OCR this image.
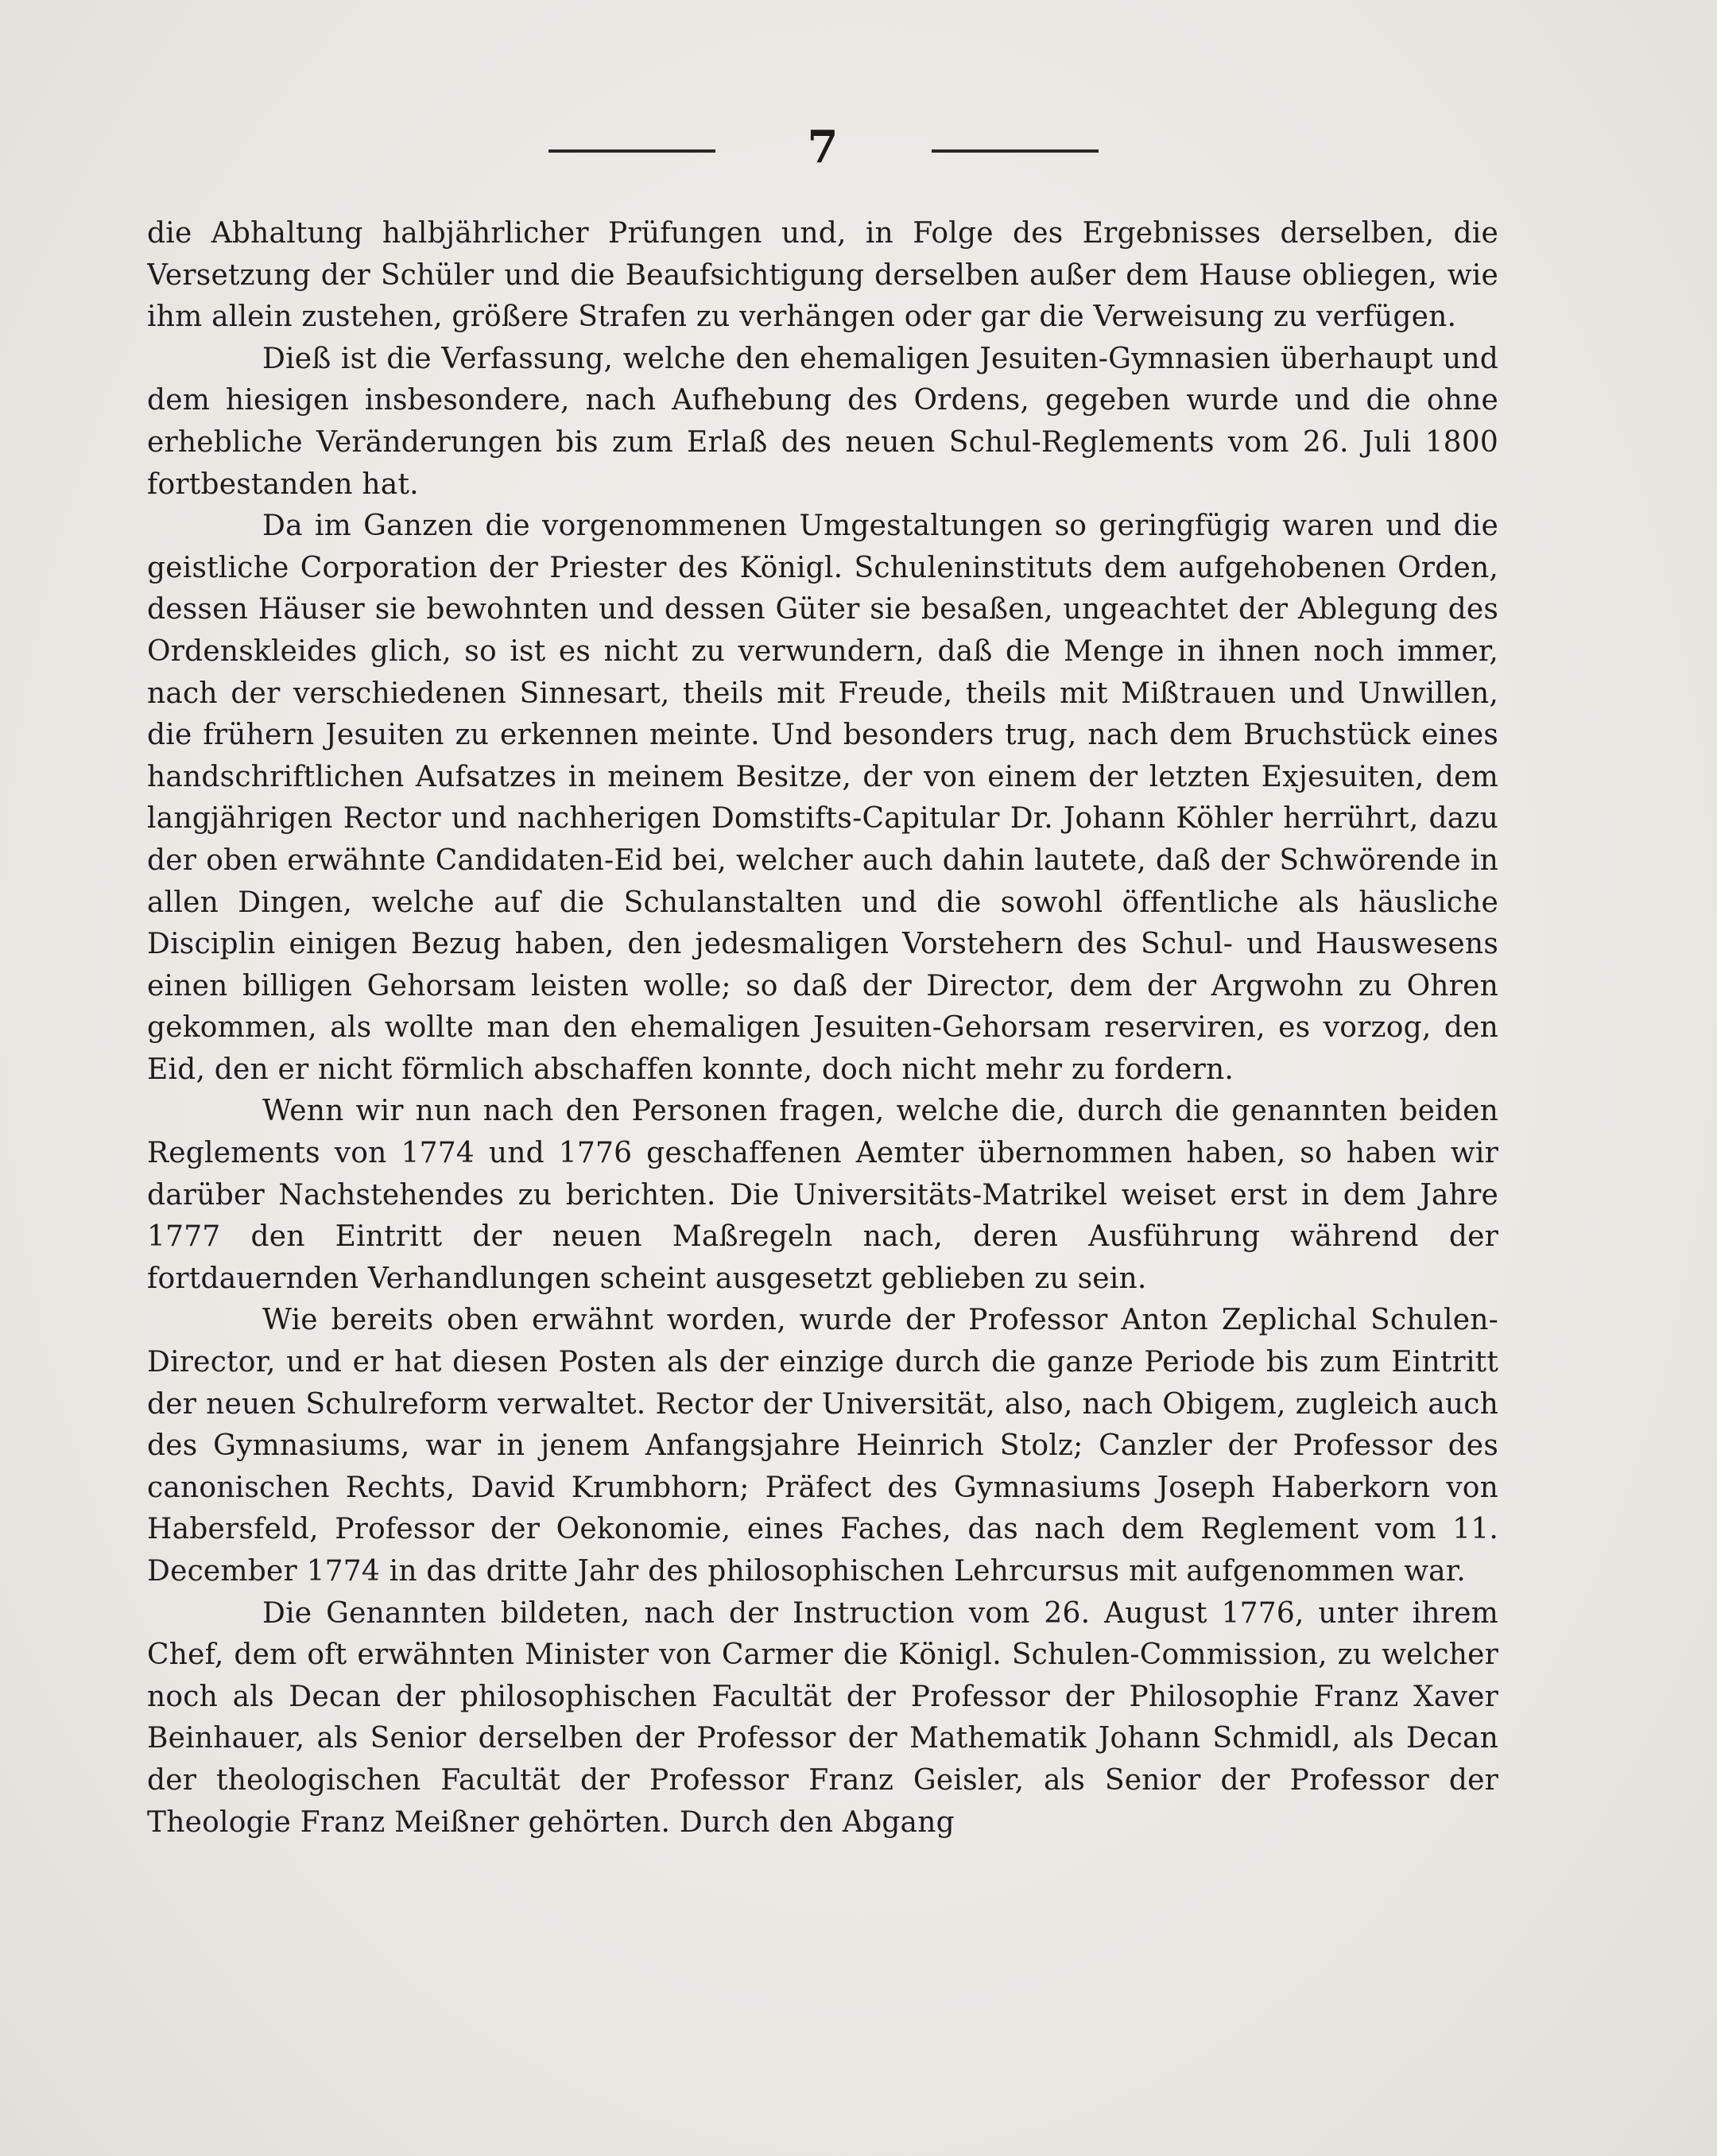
7

die Abhaltung halbjährlicher Prüfungen und, in Folge des Ergebnisses derselben, die Versetzung der Schüler und die Beaufsichtigung derselben außer dem Hause obliegen, wie ihm allein zustehen, größere Strafen zu verhängen oder gar die Verweisung zu verfügen.

Dieß ist die Verfassung, welche den ehemaligen Jesuiten-Gymnasien überhaupt und dem hiesigen insbesondere, nach Aufhebung des Ordens, gegeben wurde und die ohne erhebliche Veränderungen bis zum Erlaß des neuen Schul-Reglements vom 26. Juli 1800 fortbestanden hat.

Da im Ganzen die vorgenommenen Umgestaltungen so geringfügig waren und die geistliche Corporation der Priester des Königl. Schuleninstituts dem aufgehobenen Orden, dessen Häuser sie bewohnten und dessen Güter sie besaßen, ungeachtet der Ablegung des Ordenskleides glich, so ist es nicht zu verwundern, daß die Menge in ihnen noch immer, nach der verschiedenen Sinnesart, theils mit Freude, theils mit Mißtrauen und Unwillen, die frühern Jesuiten zu erkennen meinte. Und besonders trug, nach dem Bruchstück eines handschriftlichen Aufsatzes in meinem Besitze, der von einem der letzten Exjesuiten, dem langjährigen Rector und nachherigen Domstifts-Capitular Dr. Johann Köhler herrührt, dazu der oben erwähnte Candidaten-Eid bei, welcher auch dahin lautete, daß der Schwörende in allen Dingen, welche auf die Schulanstalten und die sowohl öffentliche als häusliche Disciplin einigen Bezug haben, den jedesmaligen Vorstehern des Schul- und Hauswesens einen billigen Gehorsam leisten wolle; so daß der Director, dem der Argwohn zu Ohren gekommen, als wollte man den ehemaligen Jesuiten-Gehorsam reserviren, es vorzog, den Eid, den er nicht förmlich abschaffen konnte, doch nicht mehr zu fordern.

Wenn wir nun nach den Personen fragen, welche die, durch die genannten beiden Reglements von 1774 und 1776 geschaffenen Aemter übernommen haben, so haben wir darüber Nachstehendes zu berichten. Die Universitäts-Matrikel weiset erst in dem Jahre 1777 den Eintritt der neuen Maßregeln nach, deren Ausführung während der fortdauernden Verhandlungen scheint ausgesetzt geblieben zu sein.

Wie bereits oben erwähnt worden, wurde der Professor Anton Zeplichal Schulen-Director, und er hat diesen Posten als der einzige durch die ganze Periode bis zum Eintritt der neuen Schulreform verwaltet. Rector der Universität, also, nach Obigem, zugleich auch des Gymnasiums, war in jenem Anfangsjahre Heinrich Stolz; Canzler der Professor des canonischen Rechts, David Krumbhorn; Präfect des Gymnasiums Joseph Haberkorn von Habersfeld, Professor der Oekonomie, eines Faches, das nach dem Reglement vom 11. December 1774 in das dritte Jahr des philosophischen Lehrcursus mit aufgenommen war.

Die Genannten bildeten, nach der Instruction vom 26. August 1776, unter ihrem Chef, dem oft erwähnten Minister von Carmer die Königl. Schulen-Commission, zu welcher noch als Decan der philosophischen Facultät der Professor der Philosophie Franz Xaver Beinhauer, als Senior derselben der Professor der Mathematik Johann Schmidl, als Decan der theologischen Facultät der Professor Franz Geisler, als Senior der Professor der Theologie Franz Meißner gehörten. Durch den Abgang
